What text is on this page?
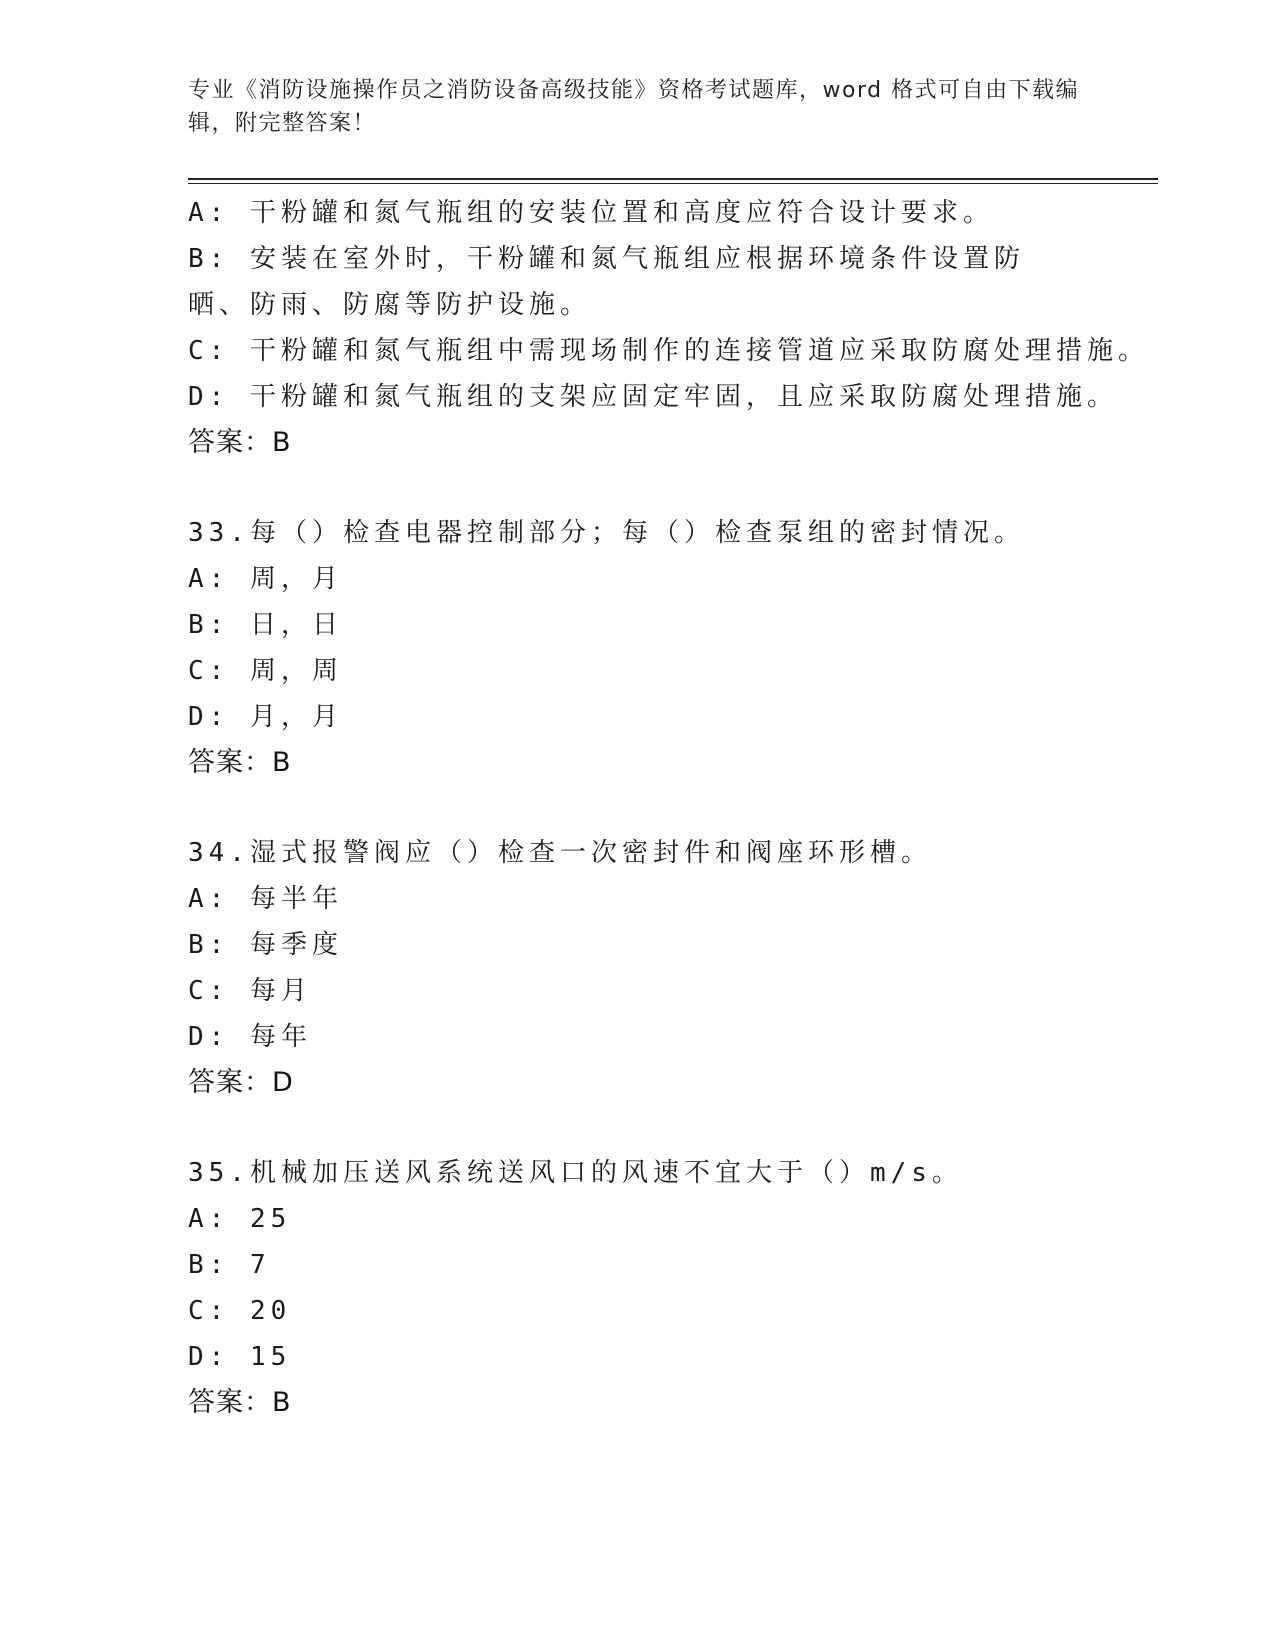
专业《消防设施操作员之消防设备高级技能》资格考试题库，word 格式可自由下载编辑，附完整答案！
A: 干粉罐和氮气瓶组的安装位置和高度应符合设计要求。
B: 安装在室外时，干粉罐和氮气瓶组应根据环境条件设置防晒、防雨、防腐等防护设施。
C: 干粉罐和氮气瓶组中需现场制作的连接管道应采取防腐处理措施。
D: 干粉罐和氮气瓶组的支架应固定牢固，且应采取防腐处理措施。
答案：B
33.每（）检查电器控制部分；每（）检查泵组的密封情况。
A: 周，月
B: 日，日
C: 周，周
D: 月，月
答案：B
34.湿式报警阀应（）检查一次密封件和阀座环形槽。
A: 每半年
B: 每季度
C: 每月
D: 每年
答案：D
35.机械加压送风系统送风口的风速不宜大于（）m/s。
A: 25
B: 7
C: 20
D: 15
答案：B
